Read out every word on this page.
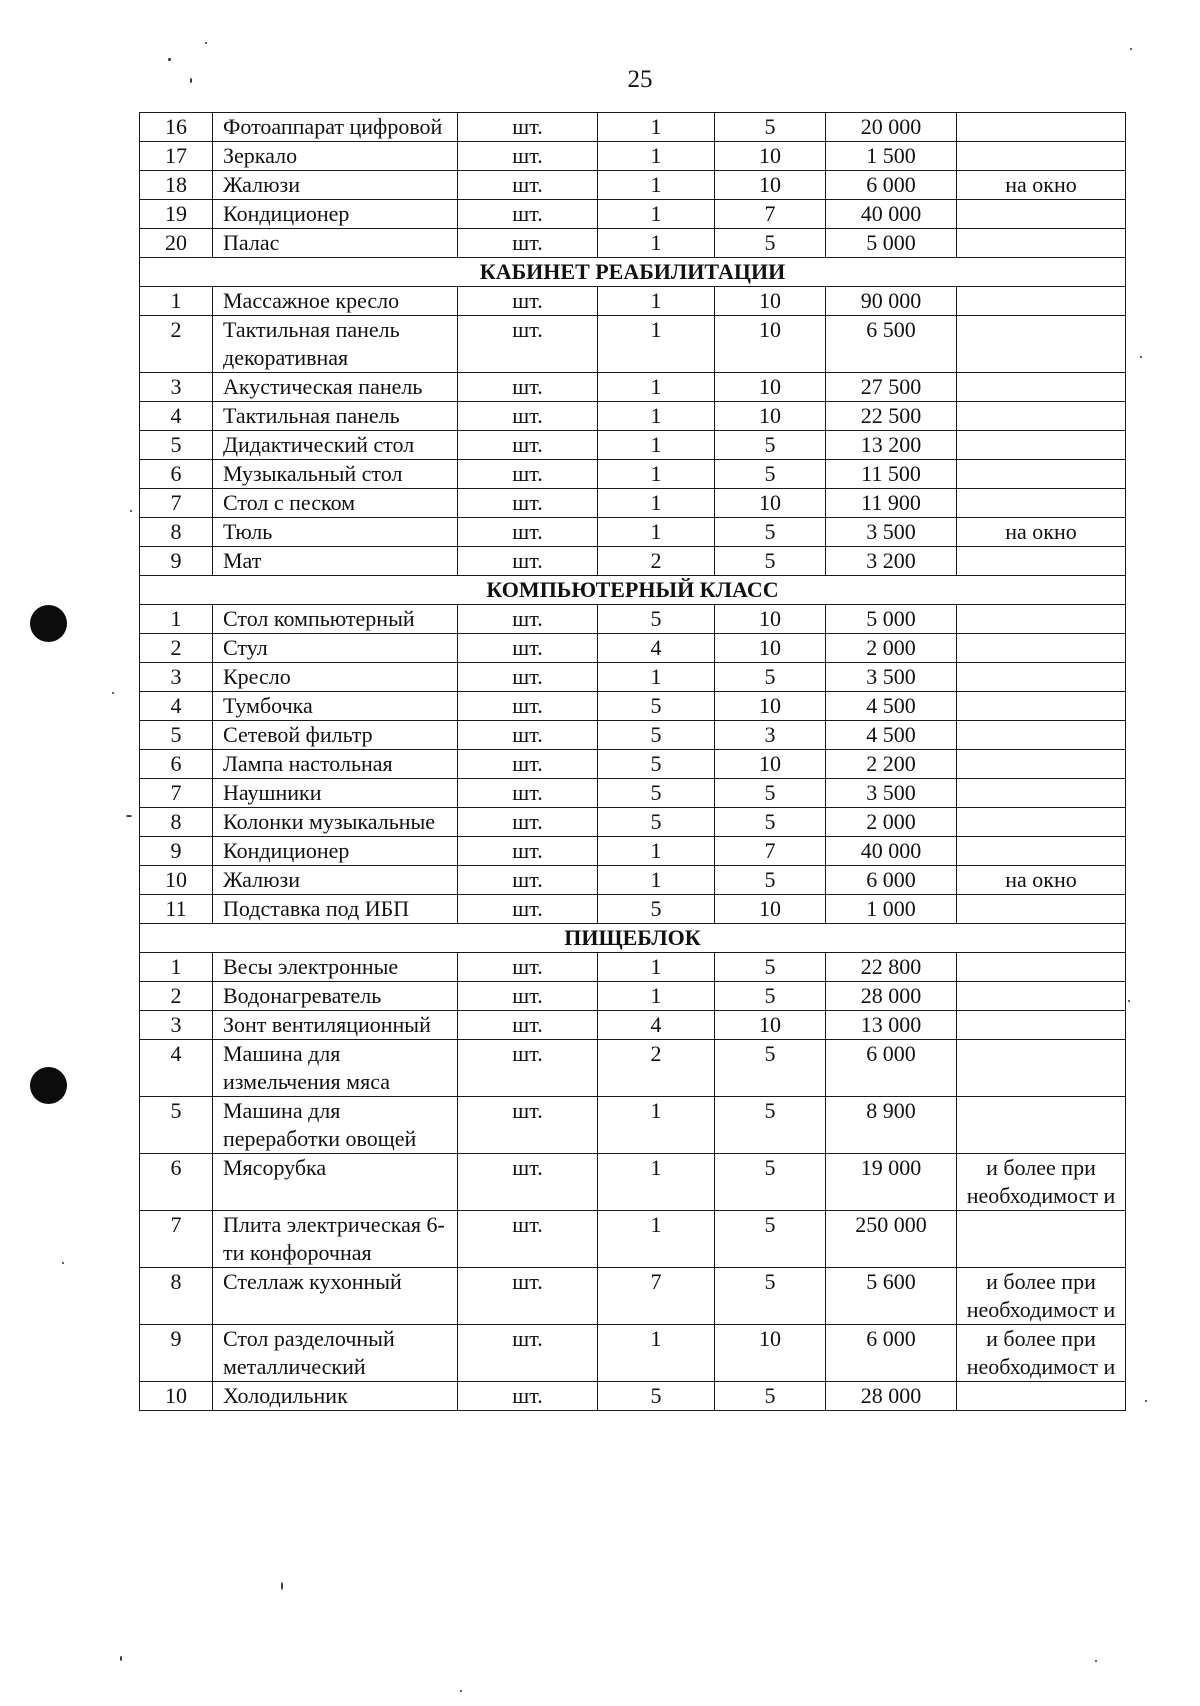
25
16	Фотоаппарат цифровой	шт.	1	5	20 000	
17	Зеркало	шт.	1	10	1 500	
18	Жалюзи	шт.	1	10	6 000	на окно
19	Кондиционер	шт.	1	7	40 000	
20	Палас	шт.	1	5	5 000	
КАБИНЕТ РЕАБИЛИТАЦИИ						
1	Массажное кресло	шт.	1	10	90 000	
2	Тактильная панель декоративная	шт.	1	10	6 500	
3	Акустическая панель	шт.	1	10	27 500	
4	Тактильная панель	шт.	1	10	22 500	
5	Дидактический стол	шт.	1	5	13 200	
6	Музыкальный стол	шт.	1	5	11 500	
7	Стол с песком	шт.	1	10	11 900	
8	Тюль	шт.	1	5	3 500	на окно
9	Мат	шт.	2	5	3 200	
КОМПЬЮТЕРНЫЙ КЛАСС						
1	Стол компьютерный	шт.	5	10	5 000	
2	Стул	шт.	4	10	2 000	
3	Кресло	шт.	1	5	3 500	
4	Тумбочка	шт.	5	10	4 500	
5	Сетевой фильтр	шт.	5	3	4 500	
6	Лампа настольная	шт.	5	10	2 200	
7	Наушники	шт.	5	5	3 500	
8	Колонки музыкальные	шт.	5	5	2 000	
9	Кондиционер	шт.	1	7	40 000	
10	Жалюзи	шт.	1	5	6 000	на окно
11	Подставка под ИБП	шт.	5	10	1 000	
ПИЩЕБЛОК						
1	Весы электронные	шт.	1	5	22 800	
2	Водонагреватель	шт.	1	5	28 000	
3	Зонт вентиляционный	шт.	4	10	13 000	
4	Машина для измельчения мяса	шт.	2	5	6 000	
5	Машина для переработки овощей	шт.	1	5	8 900	
6	Мясорубка	шт.	1	5	19 000	и более при необходимост и
7	Плита электрическая 6-ти конфорочная	шт.	1	5	250 000	
8	Стеллаж кухонный	шт.	7	5	5 600	и более при необходимост и
9	Стол разделочный металлический	шт.	1	10	6 000	и более при необходимост и
10	Холодильник	шт.	5	5	28 000	
